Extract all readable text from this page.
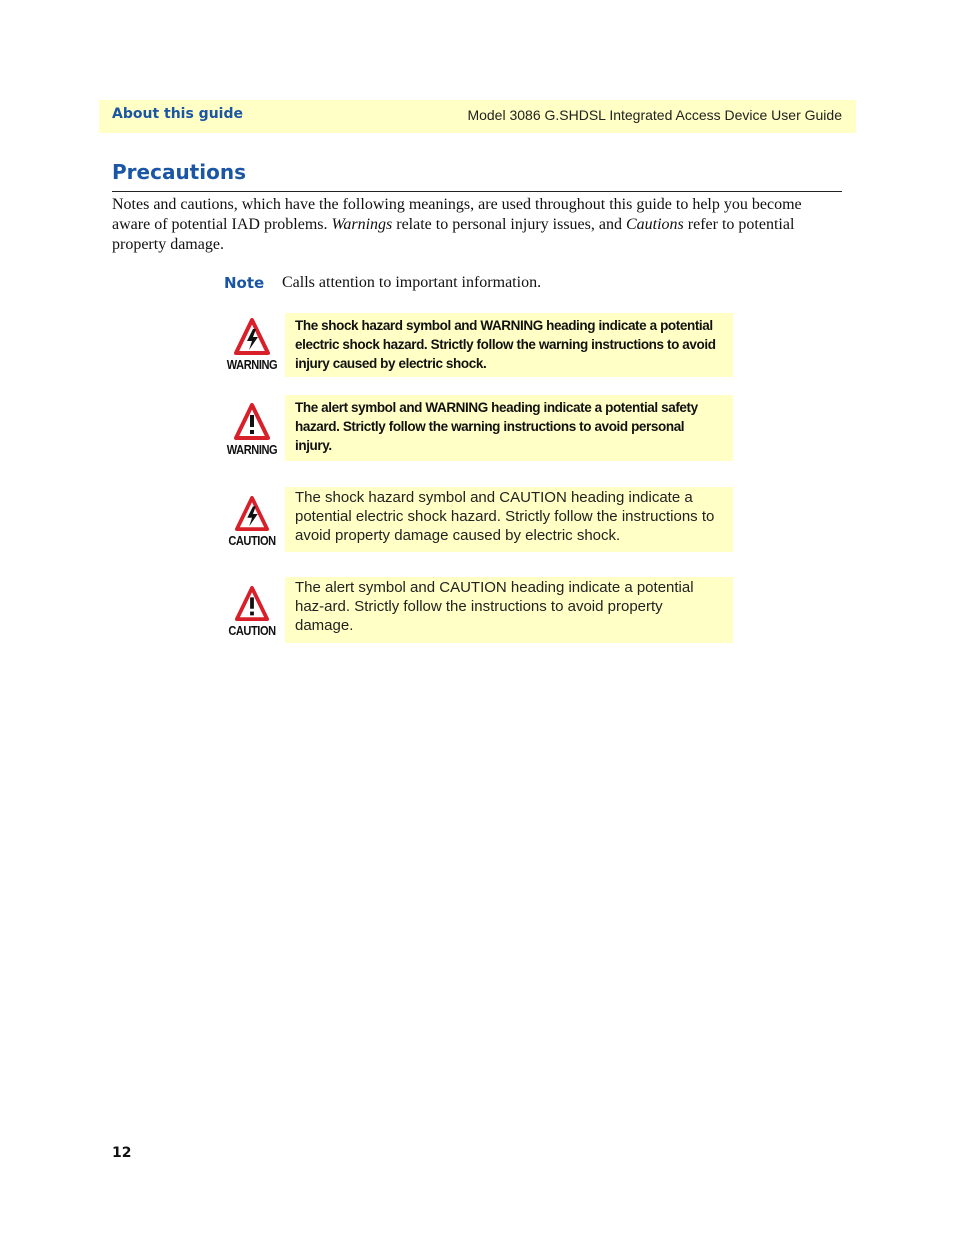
About this guide	Model 3086 G.SHDSL Integrated Access Device User Guide
Precautions

Notes and cautions, which have the following meanings, are used throughout this guide to help you become aware of potential IAD problems. Warnings relate to personal injury issues, and Cautions refer to potential property damage.

Note Calls attention to important information.
WARNING
The shock hazard symbol and WARNING heading indicate a potential electric shock hazard. Strictly follow the warning instructions to avoid injury caused by electric shock.
WARNING
The alert symbol and WARNING heading indicate a potential safety hazard. Strictly follow the warning instructions to avoid personal injury.
CAUTION
The shock hazard symbol and CAUTION heading indicate a potential electric shock hazard. Strictly follow the instructions to avoid property damage caused by electric shock.
CAUTION
The alert symbol and CAUTION heading indicate a potential haz-ard. Strictly follow the instructions to avoid property damage.
12
